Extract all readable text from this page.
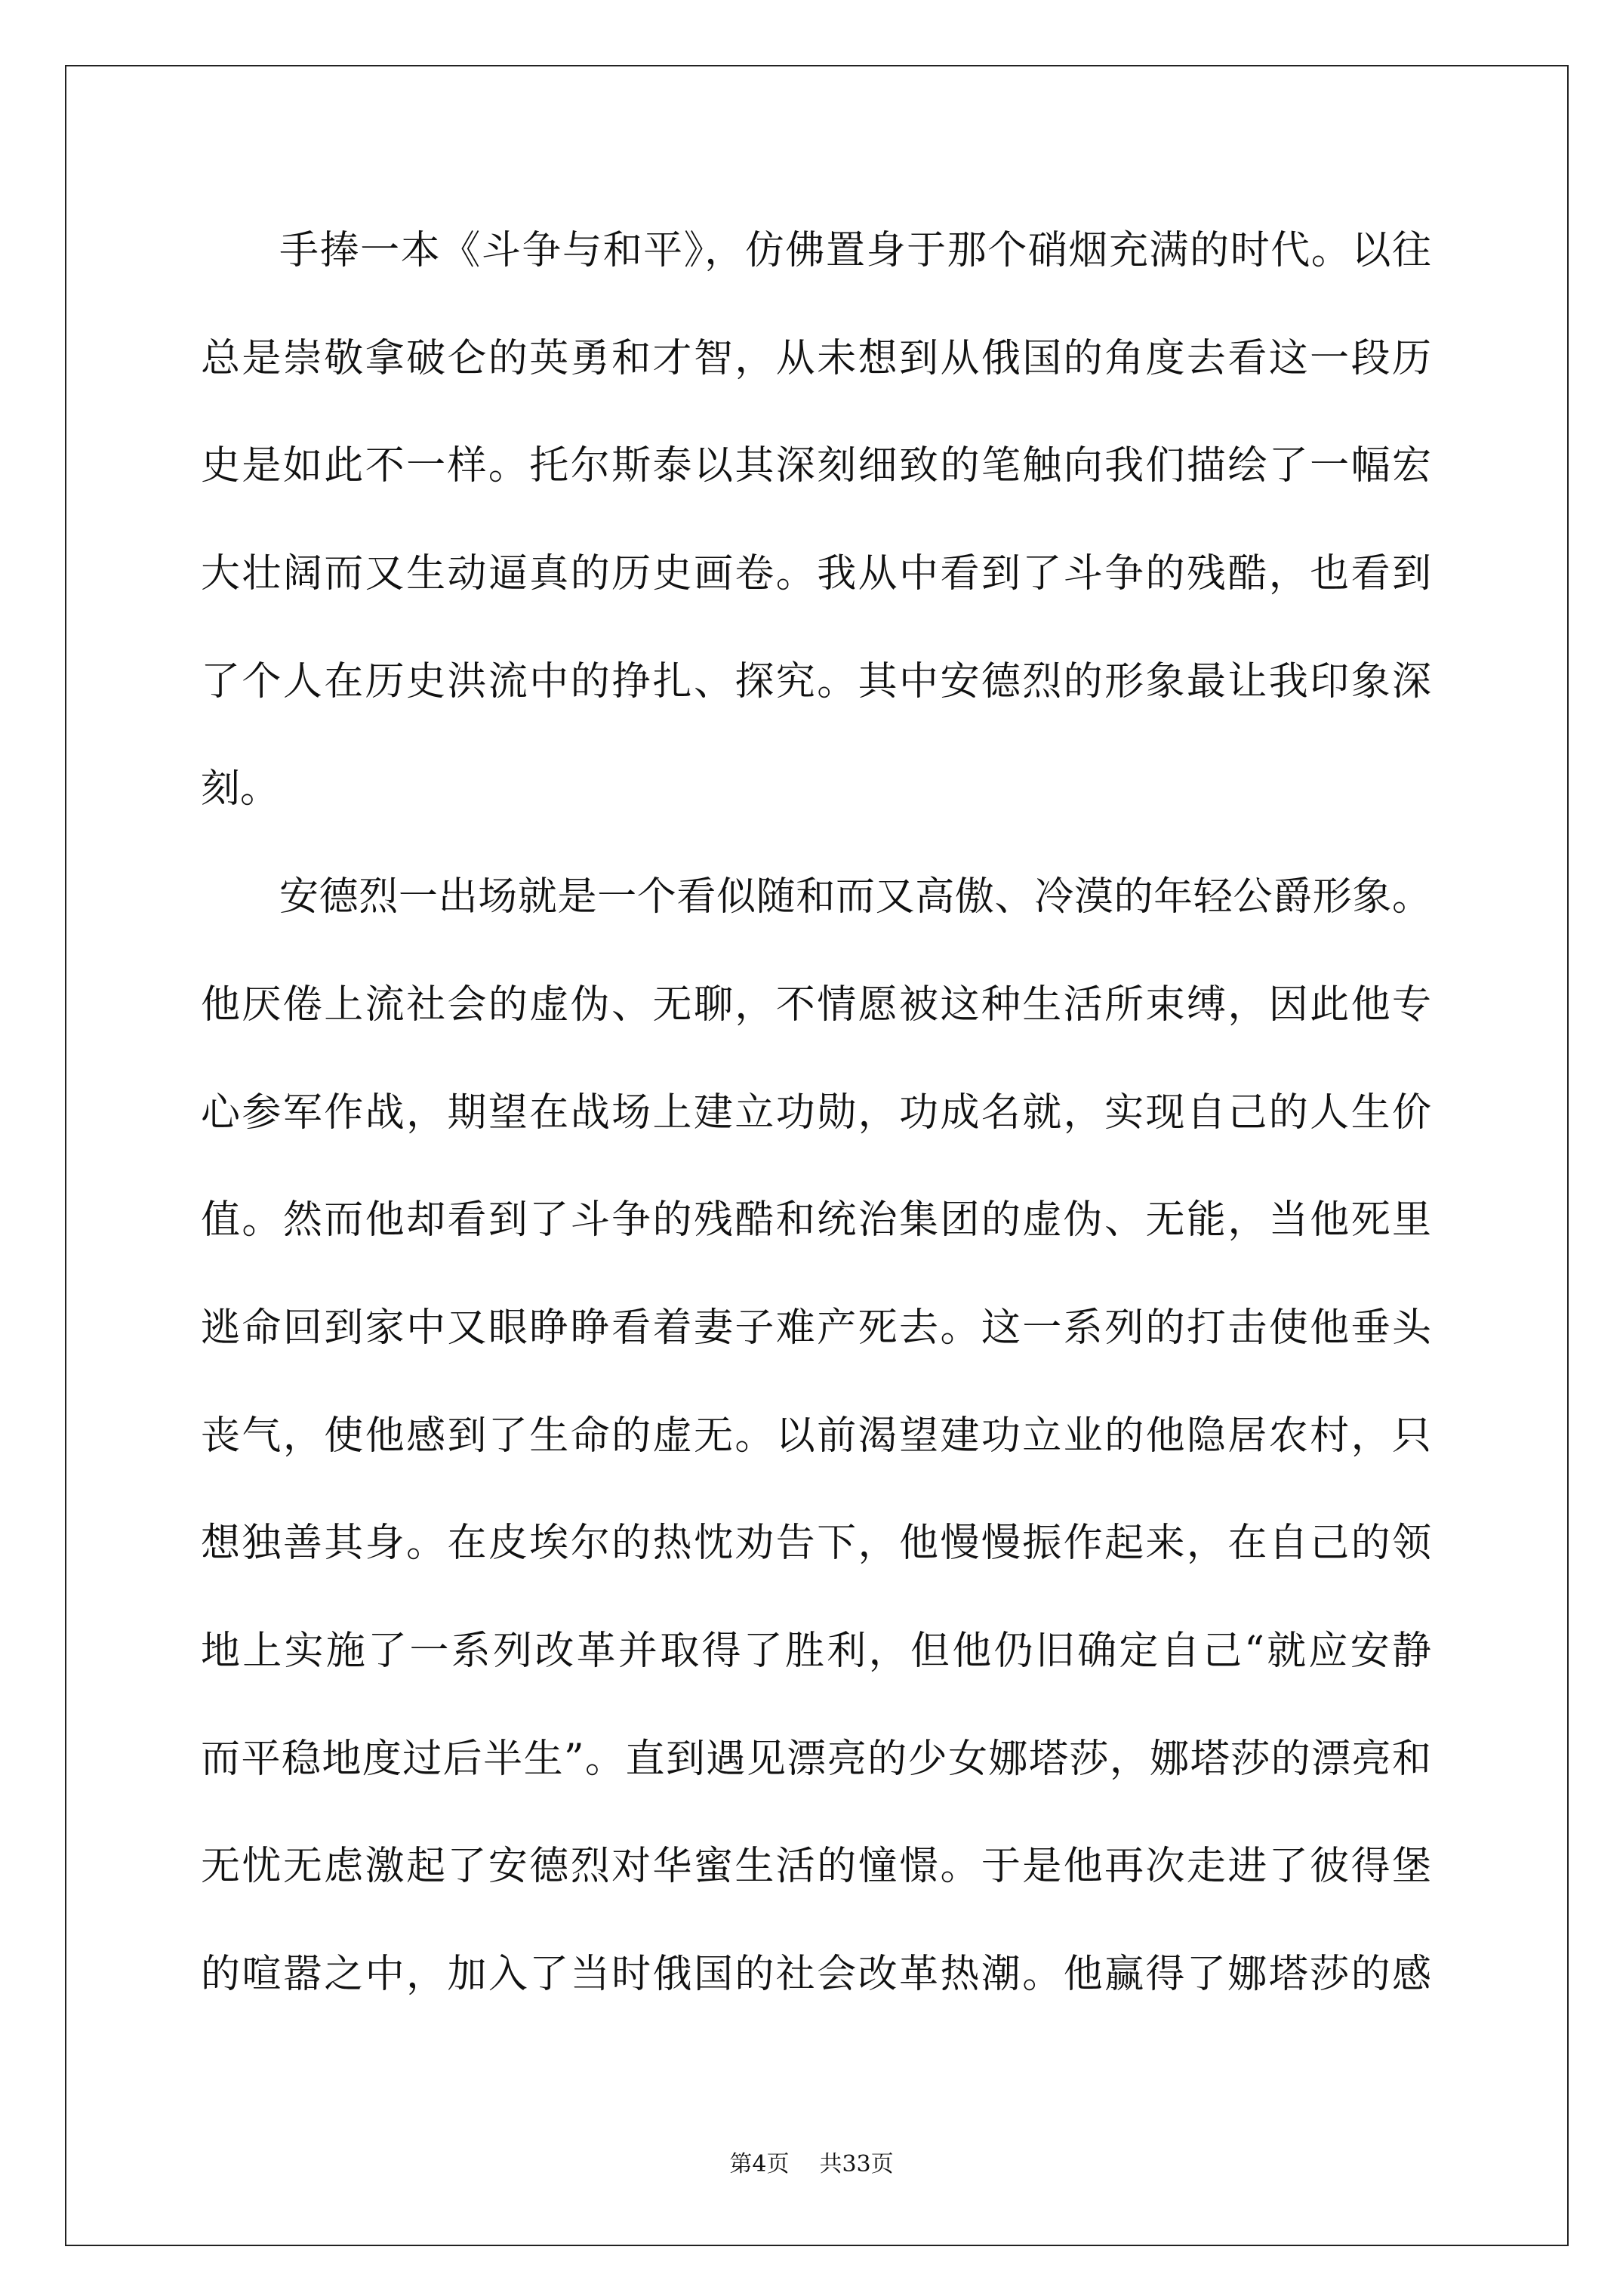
手捧一本《斗争与和平》，仿佛置身于那个硝烟充满的时代。以往
总是崇敬拿破仑的英勇和才智，从未想到从俄国的角度去看这一段历
史是如此不一样。托尔斯泰以其深刻细致的笔触向我们描绘了一幅宏
大壮阔而又生动逼真的历史画卷。我从中看到了斗争的残酷，也看到
了个人在历史洪流中的挣扎、探究。其中安德烈的形象最让我印象深
刻。
安德烈一出场就是一个看似随和而又高傲、冷漠的年轻公爵形象。
他厌倦上流社会的虚伪、无聊，不情愿被这种生活所束缚，因此他专
心参军作战，期望在战场上建立功勋，功成名就，实现自己的人生价
值。然而他却看到了斗争的残酷和统治集团的虚伪、无能，当他死里
逃命回到家中又眼睁睁看着妻子难产死去。这一系列的打击使他垂头
丧气，使他感到了生命的虚无。以前渴望建功立业的他隐居农村，只
想独善其身。在皮埃尔的热忱劝告下，他慢慢振作起来，在自己的领
地上实施了一系列改革并取得了胜利，但他仍旧确定自己“就应安静
而平稳地度过后半生”。直到遇见漂亮的少女娜塔莎，娜塔莎的漂亮和
无忧无虑激起了安德烈对华蜜生活的憧憬。于是他再次走进了彼得堡
的喧嚣之中，加入了当时俄国的社会改革热潮。他赢得了娜塔莎的感
第4页 共33页
